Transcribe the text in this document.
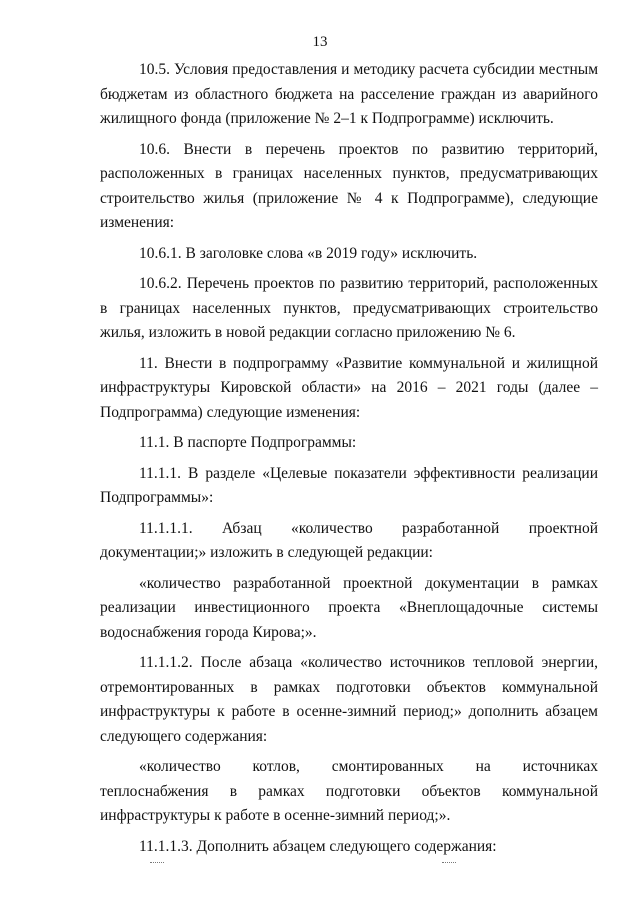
13

10.5. Условия предоставления и методику расчета субсидии местным бюджетам из областного бюджета на расселение граждан из аварийного жилищного фонда (приложение № 2–1 к Подпрограмме) исключить.

10.6. Внести в перечень проектов по развитию территорий, расположенных в границах населенных пунктов, предусматривающих строительство жилья (приложение № 4 к Подпрограмме), следующие изменения:

10.6.1. В заголовке слова «в 2019 году» исключить.

10.6.2. Перечень проектов по развитию территорий, расположенных в границах населенных пунктов, предусматривающих строительство жилья, изложить в новой редакции согласно приложению № 6.

11. Внести в подпрограмму «Развитие коммунальной и жилищной инфраструктуры Кировской области» на 2016 – 2021 годы (далее – Подпрограмма) следующие изменения:

11.1. В паспорте Подпрограммы:

11.1.1. В разделе «Целевые показатели эффективности реализации Подпрограммы»:

11.1.1.1. Абзац «количество разработанной проектной документации;» изложить в следующей редакции:

«количество разработанной проектной документации в рамках реализации инвестиционного проекта «Внеплощадочные системы водоснабжения города Кирова;».

11.1.1.2. После абзаца «количество источников тепловой энергии, отремонтированных в рамках подготовки объектов коммунальной инфраструктуры к работе в осенне-зимний период;» дополнить абзацем следующего содержания:

«количество котлов, смонтированных на источниках теплоснабжения в рамках подготовки объектов коммунальной инфраструктуры к работе в осенне-зимний период;».

11.1.1.3. Дополнить абзацем следующего содержания:
